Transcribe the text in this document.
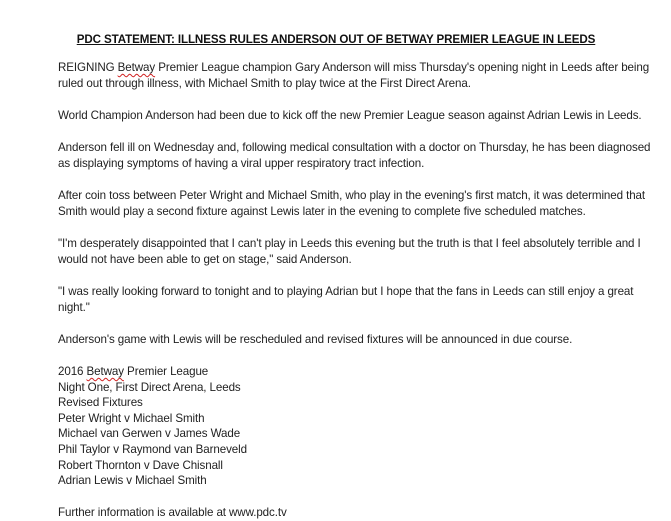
PDC STATEMENT: ILLNESS RULES ANDERSON OUT OF BETWAY PREMIER LEAGUE IN LEEDS

REIGNING Betway Premier League champion Gary Anderson will miss Thursday's opening night in Leeds after being ruled out through illness, with Michael Smith to play twice at the First Direct Arena.

World Champion Anderson had been due to kick off the new Premier League season against Adrian Lewis in Leeds.

Anderson fell ill on Wednesday and, following medical consultation with a doctor on Thursday, he has been diagnosed as displaying symptoms of having a viral upper respiratory tract infection.

After coin toss between Peter Wright and Michael Smith, who play in the evening's first match, it was determined that Smith would play a second fixture against Lewis later in the evening to complete five scheduled matches.

"I'm desperately disappointed that I can't play in Leeds this evening but the truth is that I feel absolutely terrible and I would not have been able to get on stage," said Anderson.

"I was really looking forward to tonight and to playing Adrian but I hope that the fans in Leeds can still enjoy a great night."

Anderson's game with Lewis will be rescheduled and revised fixtures will be announced in due course.

2016 Betway Premier League
Night One, First Direct Arena, Leeds
Revised Fixtures
Peter Wright v Michael Smith
Michael van Gerwen v James Wade
Phil Taylor v Raymond van Barneveld
Robert Thornton v Dave Chisnall
Adrian Lewis v Michael Smith

Further information is available at www.pdc.tv
